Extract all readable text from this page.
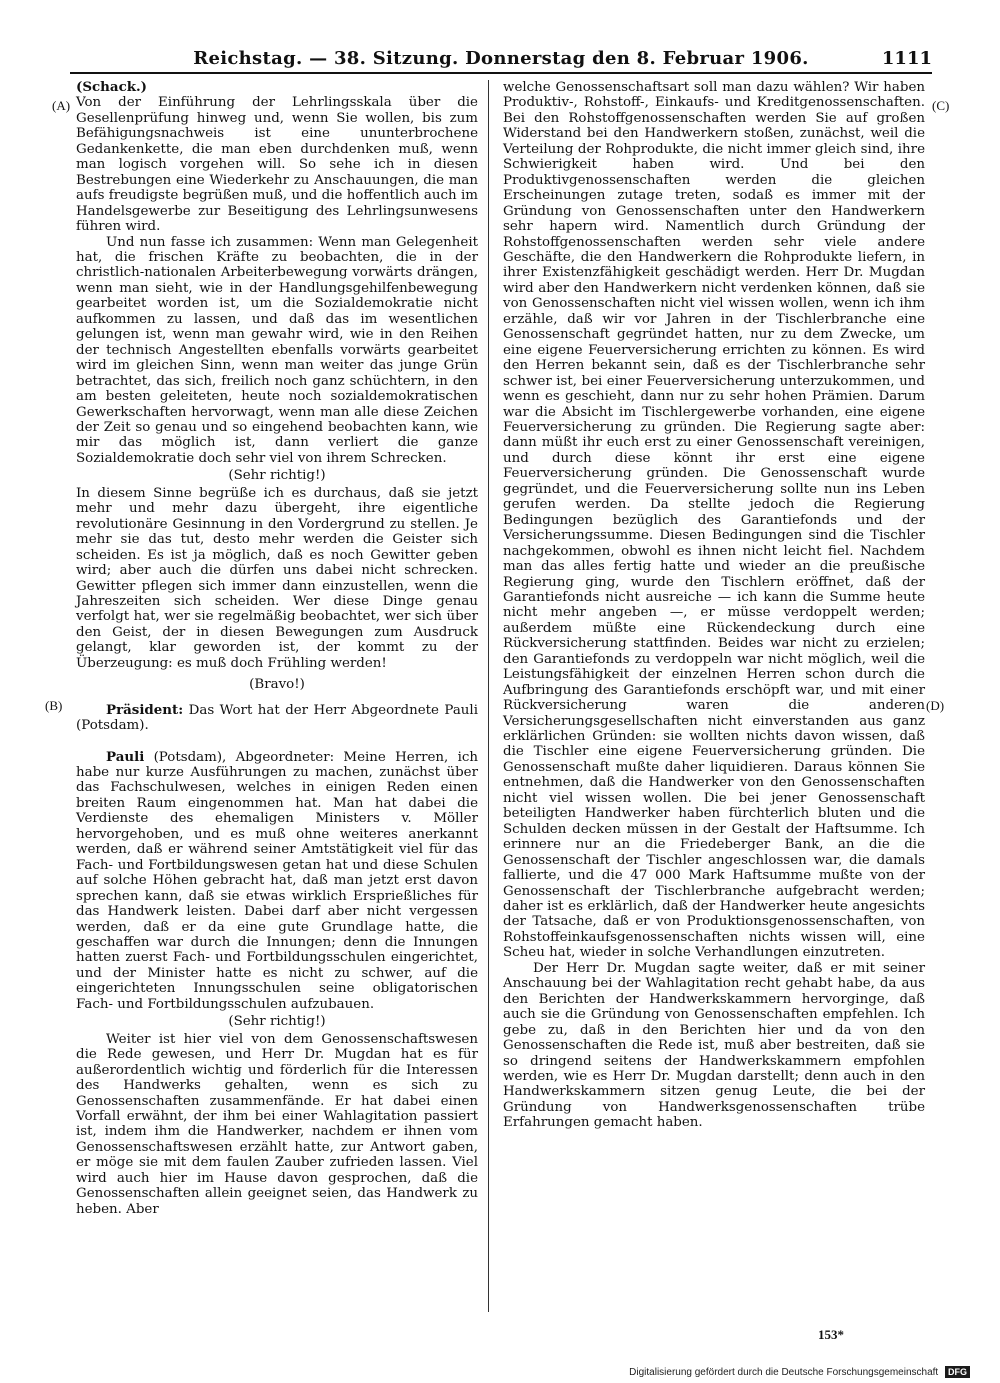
Reichstag. — 38. Sitzung. Donnerstag den 8. Februar 1906.	1111
(A)
(B)
(C)
(D)

(Schack.)

Von der Einführung der Lehrlingsskala über die Gesellenprüfung hinweg und, wenn Sie wollen, bis zum Befähigungsnachweis ist eine ununterbrochene Gedankenkette, die man eben durchdenken muß, wenn man logisch vorgehen will. So sehe ich in diesen Bestrebungen eine Wiederkehr zu Anschauungen, die man aufs freudigste begrüßen muß, und die hoffentlich auch im Handelsgewerbe zur Beseitigung des Lehrlingsunwesens führen wird.

Und nun fasse ich zusammen: Wenn man Gelegenheit hat, die frischen Kräfte zu beobachten, die in der christlich-nationalen Arbeiterbewegung vorwärts drängen, wenn man sieht, wie in der Handlungsgehilfenbewegung gearbeitet worden ist, um die Sozialdemokratie nicht aufkommen zu lassen, und daß das im wesentlichen gelungen ist, wenn man gewahr wird, wie in den Reihen der technisch Angestellten ebenfalls vorwärts gearbeitet wird im gleichen Sinn, wenn man weiter das junge Grün betrachtet, das sich, freilich noch ganz schüchtern, in den am besten geleiteten, heute noch sozialdemokratischen Gewerkschaften hervorwagt, wenn man alle diese Zeichen der Zeit so genau und so eingehend beobachten kann, wie mir das möglich ist, dann verliert die ganze Sozialdemokratie doch sehr viel von ihrem Schrecken.

(Sehr richtig!)

In diesem Sinne begrüße ich es durchaus, daß sie jetzt mehr und mehr dazu übergeht, ihre eigentliche revolutionäre Gesinnung in den Vordergrund zu stellen. Je mehr sie das tut, desto mehr werden die Geister sich scheiden. Es ist ja möglich, daß es noch Gewitter geben wird; aber auch die dürfen uns dabei nicht schrecken. Gewitter pflegen sich immer dann einzustellen, wenn die Jahreszeiten sich scheiden. Wer diese Dinge genau verfolgt hat, wer sie regelmäßig beobachtet, wer sich über den Geist, der in diesen Bewegungen zum Ausdruck gelangt, klar geworden ist, der kommt zu der Überzeugung: es muß doch Frühling werden!

(Bravo!)

Präsident: Das Wort hat der Herr Abgeordnete Pauli (Potsdam).

Pauli (Potsdam), Abgeordneter: Meine Herren, ich habe nur kurze Ausführungen zu machen, zunächst über das Fachschulwesen, welches in einigen Reden einen breiten Raum eingenommen hat. Man hat dabei die Verdienste des ehemaligen Ministers v. Möller hervorgehoben, und es muß ohne weiteres anerkannt werden, daß er während seiner Amtstätigkeit viel für das Fach- und Fortbildungswesen getan hat und diese Schulen auf solche Höhen gebracht hat, daß man jetzt erst davon sprechen kann, daß sie etwas wirklich Ersprießliches für das Handwerk leisten. Dabei darf aber nicht vergessen werden, daß er da eine gute Grundlage hatte, die geschaffen war durch die Innungen; denn die Innungen hatten zuerst Fach- und Fortbildungsschulen eingerichtet, und der Minister hatte es nicht zu schwer, auf die eingerichteten Innungsschulen seine obligatorischen Fach- und Fortbildungsschulen aufzubauen.

(Sehr richtig!)

Weiter ist hier viel von dem Genossenschaftswesen die Rede gewesen, und Herr Dr. Mugdan hat es für außerordentlich wichtig und förderlich für die Interessen des Handwerks gehalten, wenn es sich zu Genossenschaften zusammenfände. Er hat dabei einen Vorfall erwähnt, der ihm bei einer Wahlagitation passiert ist, indem ihm die Handwerker, nachdem er ihnen vom Genossenschaftswesen erzählt hatte, zur Antwort gaben, er möge sie mit dem faulen Zauber zufrieden lassen. Viel wird auch hier im Hause davon gesprochen, daß die Genossenschaften allein geeignet seien, das Handwerk zu heben. Aber

welche Genossenschaftsart soll man dazu wählen? Wir haben Produktiv-, Rohstoff-, Einkaufs- und Kreditgenossenschaften. Bei den Rohstoffgenossenschaften werden Sie auf großen Widerstand bei den Handwerkern stoßen, zunächst, weil die Verteilung der Rohprodukte, die nicht immer gleich sind, ihre Schwierigkeit haben wird. Und bei den Produktivgenossenschaften werden die gleichen Erscheinungen zutage treten, sodaß es immer mit der Gründung von Genossenschaften unter den Handwerkern sehr hapern wird. Namentlich durch Gründung der Rohstoffgenossenschaften werden sehr viele andere Geschäfte, die den Handwerkern die Rohprodukte liefern, in ihrer Existenzfähigkeit geschädigt werden. Herr Dr. Mugdan wird aber den Handwerkern nicht verdenken können, daß sie von Genossenschaften nicht viel wissen wollen, wenn ich ihm erzähle, daß wir vor Jahren in der Tischlerbranche eine Genossenschaft gegründet hatten, nur zu dem Zwecke, um eine eigene Feuerversicherung errichten zu können. Es wird den Herren bekannt sein, daß es der Tischlerbranche sehr schwer ist, bei einer Feuerversicherung unterzukommen, und wenn es geschieht, dann nur zu sehr hohen Prämien. Darum war die Absicht im Tischlergewerbe vorhanden, eine eigene Feuerversicherung zu gründen. Die Regierung sagte aber: dann müßt ihr euch erst zu einer Genossenschaft vereinigen, und durch diese könnt ihr erst eine eigene Feuerversicherung gründen. Die Genossenschaft wurde gegründet, und die Feuerversicherung sollte nun ins Leben gerufen werden. Da stellte jedoch die Regierung Bedingungen bezüglich des Garantiefonds und der Versicherungssumme. Diesen Bedingungen sind die Tischler nachgekommen, obwohl es ihnen nicht leicht fiel. Nachdem man das alles fertig hatte und wieder an die preußische Regierung ging, wurde den Tischlern eröffnet, daß der Garantiefonds nicht ausreiche — ich kann die Summe heute nicht mehr angeben —, er müsse verdoppelt werden; außerdem müßte eine Rückendeckung durch eine Rückversicherung stattfinden. Beides war nicht zu erzielen; den Garantiefonds zu verdoppeln war nicht möglich, weil die Leistungsfähigkeit der einzelnen Herren schon durch die Aufbringung des Garantiefonds erschöpft war, und mit einer Rückversicherung waren die anderen Versicherungsgesellschaften nicht einverstanden aus ganz erklärlichen Gründen: sie wollten nichts davon wissen, daß die Tischler eine eigene Feuerversicherung gründen. Die Genossenschaft mußte daher liquidieren. Daraus können Sie entnehmen, daß die Handwerker von den Genossenschaften nicht viel wissen wollen. Die bei jener Genossenschaft beteiligten Handwerker haben fürchterlich bluten und die Schulden decken müssen in der Gestalt der Haftsumme. Ich erinnere nur an die Friedeberger Bank, an die die Genossenschaft der Tischler angeschlossen war, die damals fallierte, und die 47 000 Mark Haftsumme mußte von der Genossenschaft der Tischlerbranche aufgebracht werden; daher ist es erklärlich, daß der Handwerker heute angesichts der Tatsache, daß er von Produktionsgenossenschaften, von Rohstoffeinkaufsgenossenschaften nichts wissen will, eine Scheu hat, wieder in solche Verhandlungen einzutreten.

Der Herr Dr. Mugdan sagte weiter, daß er mit seiner Anschauung bei der Wahlagitation recht gehabt habe, da aus den Berichten der Handwerkskammern hervorginge, daß auch sie die Gründung von Genossenschaften empfehlen. Ich gebe zu, daß in den Berichten hier und da von den Genossenschaften die Rede ist, muß aber bestreiten, daß sie so dringend seitens der Handwerkskammern empfohlen werden, wie es Herr Dr. Mugdan darstellt; denn auch in den Handwerkskammern sitzen genug Leute, die bei der Gründung von Handwerksgenossenschaften trübe Erfahrungen gemacht haben.

153*
Digitalisierung gefördert durch die Deutsche Forschungsgemeinschaft DFG
